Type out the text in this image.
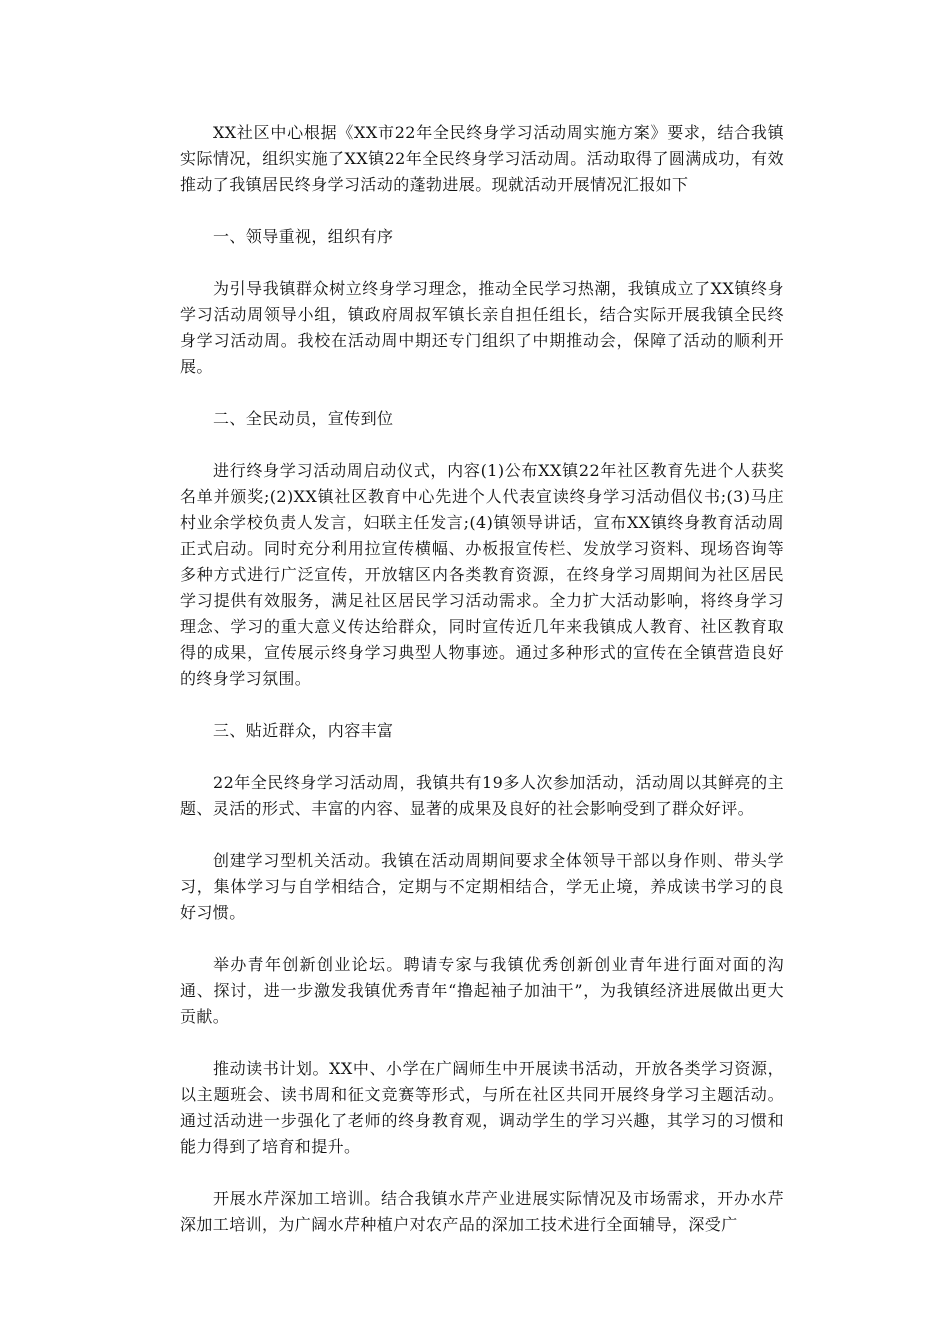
XX社区中心根据《XX市22年全民终身学习活动周实施方案》要求，结合我镇实际情况，组织实施了XX镇22年全民终身学习活动周。活动取得了圆满成功，有效推动了我镇居民终身学习活动的蓬勃进展。现就活动开展情况汇报如下

一、领导重视，组织有序

为引导我镇群众树立终身学习理念，推动全民学习热潮，我镇成立了XX镇终身学习活动周领导小组，镇政府周叔军镇长亲自担任组长，结合实际开展我镇全民终身学习活动周。我校在活动周中期还专门组织了中期推动会，保障了活动的顺利开展。

二、全民动员，宣传到位

进行终身学习活动周启动仪式，内容(1)公布XX镇22年社区教育先进个人获奖名单并颁奖;(2)XX镇社区教育中心先进个人代表宣读终身学习活动倡仪书;(3)马庄村业余学校负责人发言，妇联主任发言;(4)镇领导讲话，宣布XX镇终身教育活动周正式启动。同时充分利用拉宣传横幅、办板报宣传栏、发放学习资料、现场咨询等多种方式进行广泛宣传，开放辖区内各类教育资源，在终身学习周期间为社区居民学习提供有效服务，满足社区居民学习活动需求。全力扩大活动影响，将终身学习理念、学习的重大意义传达给群众，同时宣传近几年来我镇成人教育、社区教育取得的成果，宣传展示终身学习典型人物事迹。通过多种形式的宣传在全镇营造良好的终身学习氛围。

三、贴近群众，内容丰富

22年全民终身学习活动周，我镇共有19多人次参加活动，活动周以其鲜亮的主题、灵活的形式、丰富的内容、显著的成果及良好的社会影响受到了群众好评。

创建学习型机关活动。我镇在活动周期间要求全体领导干部以身作则、带头学习，集体学习与自学相结合，定期与不定期相结合，学无止境，养成读书学习的良好习惯。

举办青年创新创业论坛。聘请专家与我镇优秀创新创业青年进行面对面的沟通、探讨，进一步激发我镇优秀青年“撸起袖子加油干”，为我镇经济进展做出更大贡献。

推动读书计划。XX中、小学在广阔师生中开展读书活动，开放各类学习资源，以主题班会、读书周和征文竞赛等形式，与所在社区共同开展终身学习主题活动。通过活动进一步强化了老师的终身教育观，调动学生的学习兴趣，其学习的习惯和能力得到了培育和提升。

开展水芹深加工培训。结合我镇水芹产业进展实际情况及市场需求，开办水芹深加工培训，为广阔水芹种植户对农产品的深加工技术进行全面辅导，深受广
